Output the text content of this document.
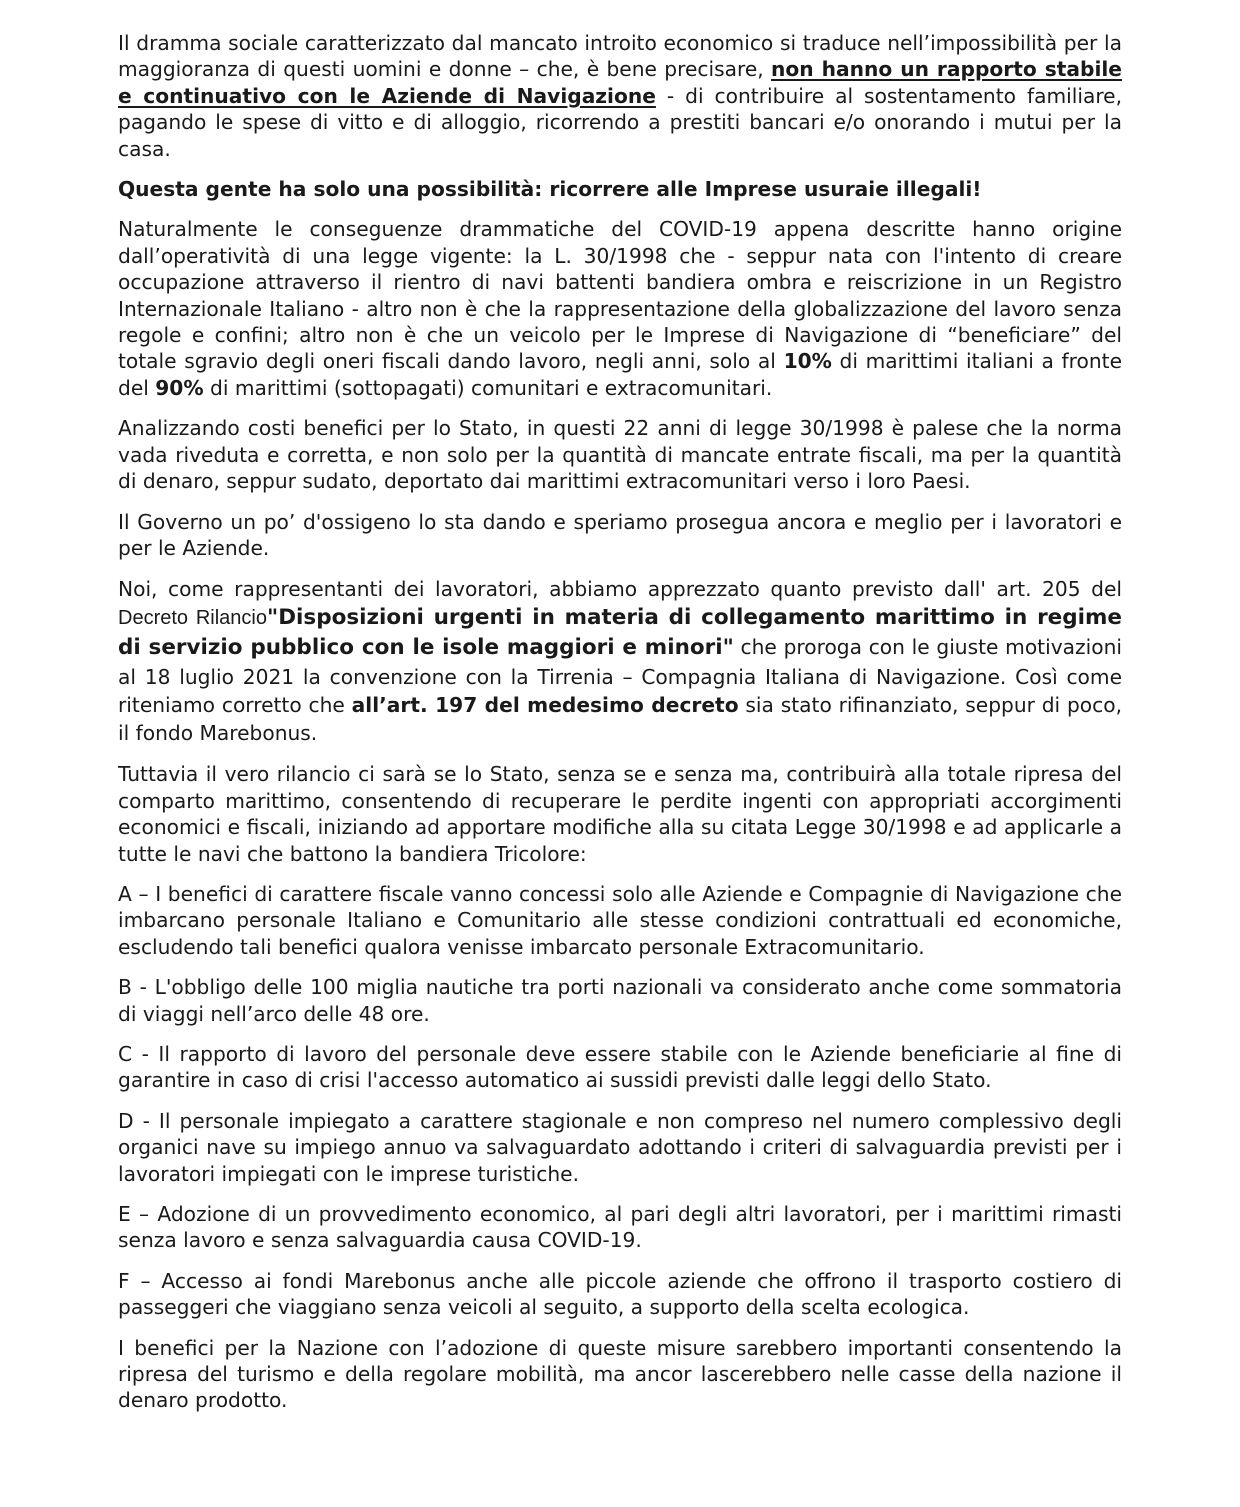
Il dramma sociale caratterizzato dal mancato introito economico si traduce nell’impossibilità per la maggioranza di questi uomini e donne – che, è bene precisare, non hanno un rapporto stabile e continuativo con le Aziende di Navigazione - di contribuire al sostentamento familiare, pagando le spese di vitto e di alloggio, ricorrendo a prestiti bancari e/o onorando i mutui per la casa.

Questa gente ha solo una possibilità: ricorrere alle Imprese usuraie illegali!

Naturalmente le conseguenze drammatiche del COVID-19 appena descritte hanno origine dall’operatività di una legge vigente: la L. 30/1998 che - seppur nata con l'intento di creare occupazione attraverso il rientro di navi battenti bandiera ombra e reiscrizione in un Registro Internazionale Italiano - altro non è che la rappresentazione della globalizzazione del lavoro senza regole e confini; altro non è che un veicolo per le Imprese di Navigazione di “beneficiare” del totale sgravio degli oneri fiscali dando lavoro, negli anni, solo al 10% di marittimi italiani a fronte del 90% di marittimi (sottopagati) comunitari e extracomunitari.

Analizzando costi benefici per lo Stato, in questi 22 anni di legge 30/1998 è palese che la norma vada riveduta e corretta, e non solo per la quantità di mancate entrate fiscali, ma per la quantità di denaro, seppur sudato, deportato dai marittimi extracomunitari verso i loro Paesi.

Il Governo un po’ d'ossigeno lo sta dando e speriamo prosegua ancora e meglio per i lavoratori e per le Aziende.

Noi, come rappresentanti dei lavoratori, abbiamo apprezzato quanto previsto dall' art. 205 del Decreto Rilancio"Disposizioni urgenti in materia di collegamento marittimo in regime di servizio pubblico con le isole maggiori e minori" che proroga con le giuste motivazioni al 18 luglio 2021 la convenzione con la Tirrenia – Compagnia Italiana di Navigazione. Così come riteniamo corretto che all’art. 197 del medesimo decreto sia stato rifinanziato, seppur di poco, il fondo Marebonus.

Tuttavia il vero rilancio ci sarà se lo Stato, senza se e senza ma, contribuirà alla totale ripresa del comparto marittimo, consentendo di recuperare le perdite ingenti con appropriati accorgimenti economici e fiscali, iniziando ad apportare modifiche alla su citata Legge 30/1998 e ad applicarle a tutte le navi che battono la bandiera Tricolore:

A – I benefici di carattere fiscale vanno concessi solo alle Aziende e Compagnie di Navigazione che imbarcano personale Italiano e Comunitario alle stesse condizioni contrattuali ed economiche, escludendo tali benefici qualora venisse imbarcato personale Extracomunitario.

B - L'obbligo delle 100 miglia nautiche tra porti nazionali va considerato anche come sommatoria di viaggi nell’arco delle 48 ore.

C - Il rapporto di lavoro del personale deve essere stabile con le Aziende beneficiarie al fine di garantire in caso di crisi l'accesso automatico ai sussidi previsti dalle leggi dello Stato.

D - Il personale impiegato a carattere stagionale e non compreso nel numero complessivo degli organici nave su impiego annuo va salvaguardato adottando i criteri di salvaguardia previsti per i lavoratori impiegati con le imprese turistiche.

E – Adozione di un provvedimento economico, al pari degli altri lavoratori, per i marittimi rimasti senza lavoro e senza salvaguardia causa COVID-19.

F – Accesso ai fondi Marebonus anche alle piccole aziende che offrono il trasporto costiero di passeggeri che viaggiano senza veicoli al seguito, a supporto della scelta ecologica.

I benefici per la Nazione con l’adozione di queste misure sarebbero importanti consentendo la ripresa del turismo e della regolare mobilità, ma ancor lascerebbero nelle casse della nazione il denaro prodotto.
